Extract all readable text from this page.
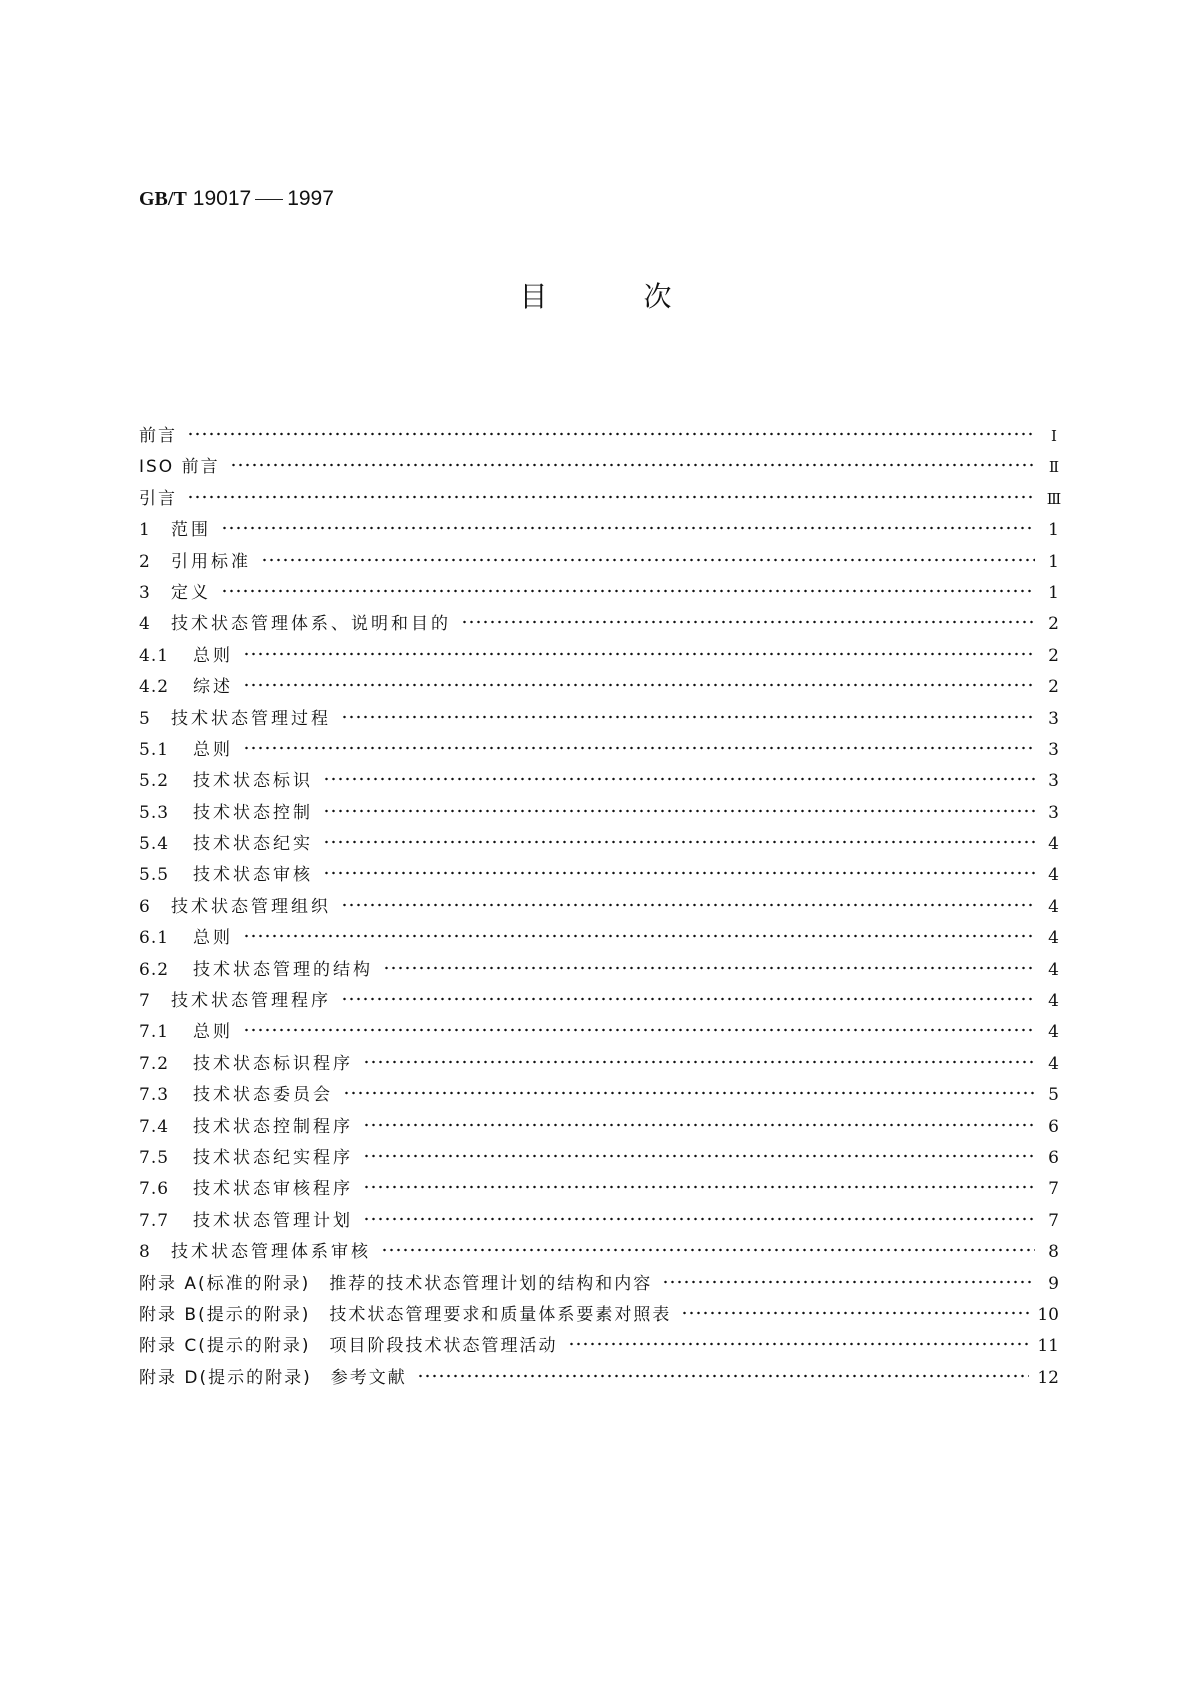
GB/T 19017 1997
目次
前言	Ⅰ
ISO 前言	Ⅱ
引言	Ⅲ
1	范围	1
2	引用标准	1
3	定义	1
4	技术状态管理体系、说明和目的	2
4.1	总则	2
4.2	综述	2
5	技术状态管理过程	3
5.1	总则	3
5.2	技术状态标识	3
5.3	技术状态控制	3
5.4	技术状态纪实	4
5.5	技术状态审核	4
6	技术状态管理组织	4
6.1	总则	4
6.2	技术状态管理的结构	4
7	技术状态管理程序	4
7.1	总则	4
7.2	技术状态标识程序	4
7.3	技术状态委员会	5
7.4	技术状态控制程序	6
7.5	技术状态纪实程序	6
7.6	技术状态审核程序	7
7.7	技术状态管理计划	7
8	技术状态管理体系审核	8
附录 A(标准的附录)　推荐的技术状态管理计划的结构和内容	9
附录 B(提示的附录)　技术状态管理要求和质量体系要素对照表	10
附录 C(提示的附录)　项目阶段技术状态管理活动	11
附录 D(提示的附录)　参考文献	12
